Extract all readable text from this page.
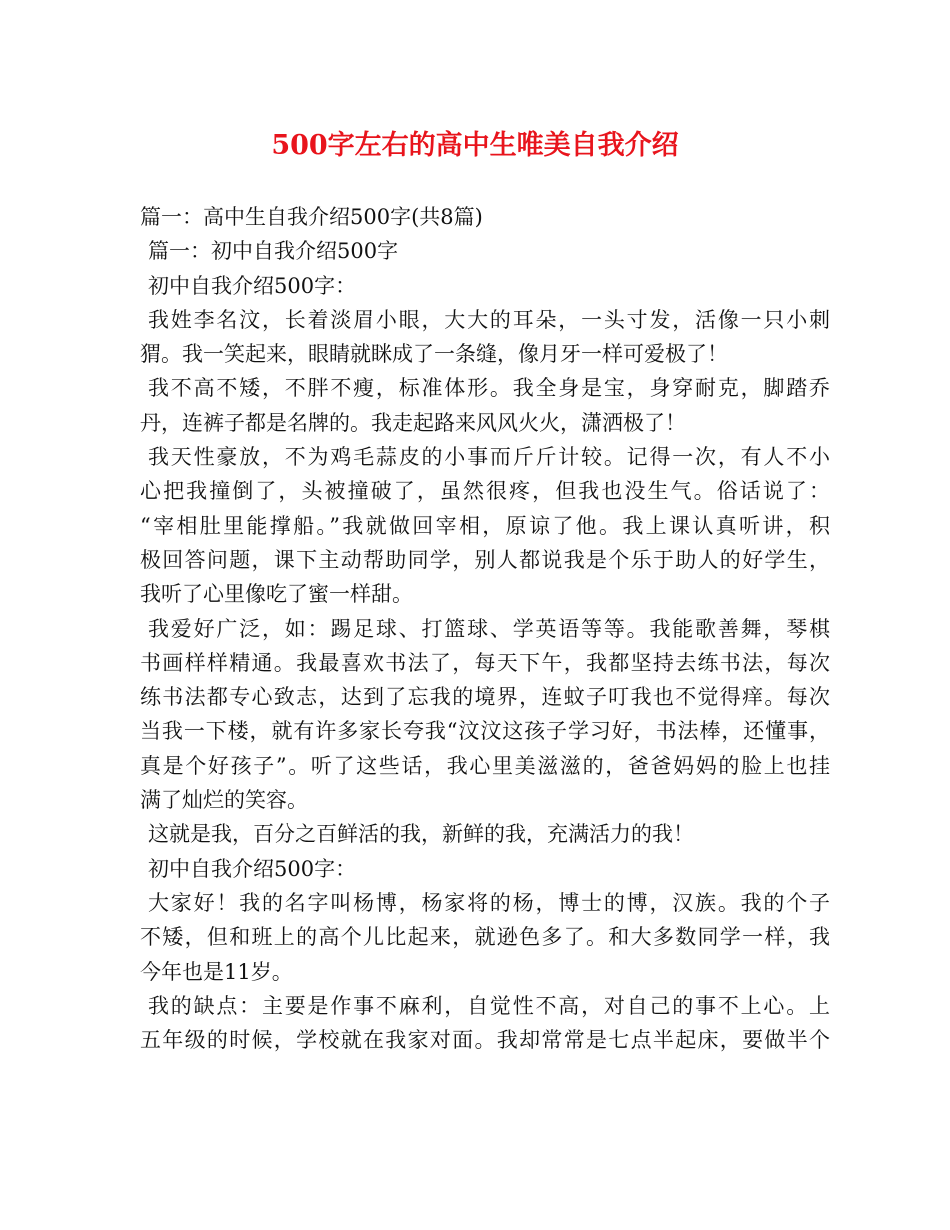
500字左右的高中生唯美自我介绍
篇一：高中生自我介绍500字(共8篇)
篇一：初中自我介绍500字
初中自我介绍500字：
我姓李名汶，长着淡眉小眼，大大的耳朵，一头寸发，活像一只小刺
猬。我一笑起来，眼睛就眯成了一条缝，像月牙一样可爱极了！
我不高不矮，不胖不瘦，标准体形。我全身是宝，身穿耐克，脚踏乔
丹，连裤子都是名牌的。我走起路来风风火火，潇洒极了！
我天性豪放，不为鸡毛蒜皮的小事而斤斤计较。记得一次，有人不小
心把我撞倒了，头被撞破了，虽然很疼，但我也没生气。俗话说了：
“宰相肚里能撑船。”我就做回宰相，原谅了他。我上课认真听讲，积
极回答问题，课下主动帮助同学，别人都说我是个乐于助人的好学生，
我听了心里像吃了蜜一样甜。
我爱好广泛，如：踢足球、打篮球、学英语等等。我能歌善舞，琴棋
书画样样精通。我最喜欢书法了，每天下午，我都坚持去练书法，每次
练书法都专心致志，达到了忘我的境界，连蚊子叮我也不觉得痒。每次
当我一下楼，就有许多家长夸我“汶汶这孩子学习好，书法棒，还懂事，
真是个好孩子”。听了这些话，我心里美滋滋的，爸爸妈妈的脸上也挂
满了灿烂的笑容。
这就是我，百分之百鲜活的我，新鲜的我，充满活力的我！
初中自我介绍500字：
大家好！我的名字叫杨博，杨家将的杨，博士的博，汉族。我的个子
不矮，但和班上的高个儿比起来，就逊色多了。和大多数同学一样，我
今年也是11岁。
我的缺点：主要是作事不麻利，自觉性不高，对自己的事不上心。上
五年级的时候，学校就在我家对面。我却常常是七点半起床，要做半个
